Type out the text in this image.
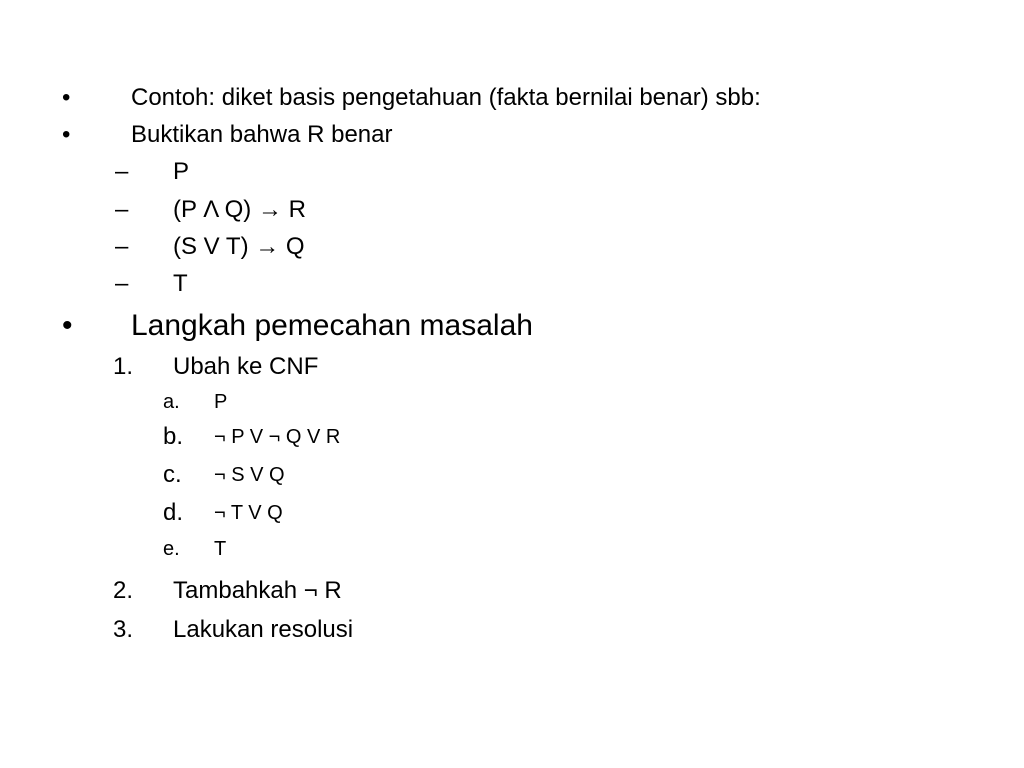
•	Contoh: diket basis pengetahuan (fakta bernilai benar) sbb:
•	Buktikan bahwa R benar
– P
– (P Λ Q) → R
– (S V T) → Q
– T
• Langkah pemecahan masalah
1. Ubah ke CNF
a. P
b. ¬ P V ¬ Q V R
c. ¬ S V Q
d. ¬ T V Q
e. T
2. Tambahkah ¬ R
3. Lakukan resolusi
